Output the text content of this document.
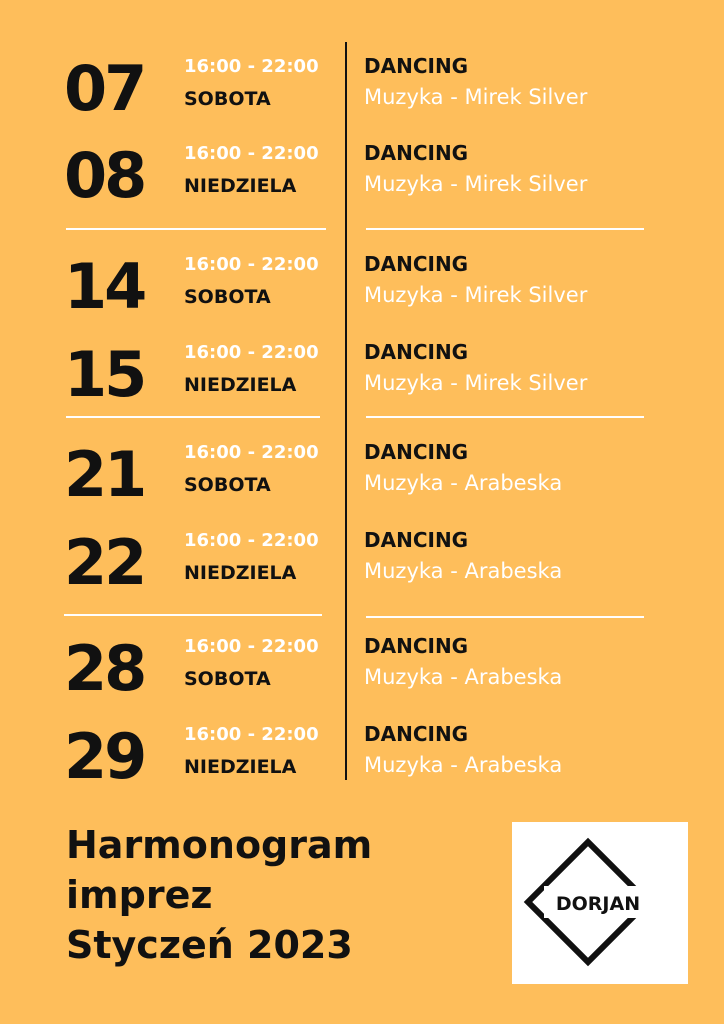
07 16:00 - 22:00
SOBOTA
DANCING
Muzyka - Mirek Silver
08 16:00 - 22:00
NIEDZIELA
DANCING
Muzyka - Mirek Silver
14 16:00 - 22:00
SOBOTA
DANCING
Muzyka - Mirek Silver
15 16:00 - 22:00
NIEDZIELA
DANCING
Muzyka - Mirek Silver
21 16:00 - 22:00
SOBOTA
DANCING
Muzyka - Arabeska
22 16:00 - 22:00
NIEDZIELA
DANCING
Muzyka - Arabeska
28 16:00 - 22:00
SOBOTA
DANCING
Muzyka - Arabeska
29 16:00 - 22:00
NIEDZIELA
DANCING
Muzyka - Arabeska
Harmonogram
imprez
Styczeń 2023
DORJAN
